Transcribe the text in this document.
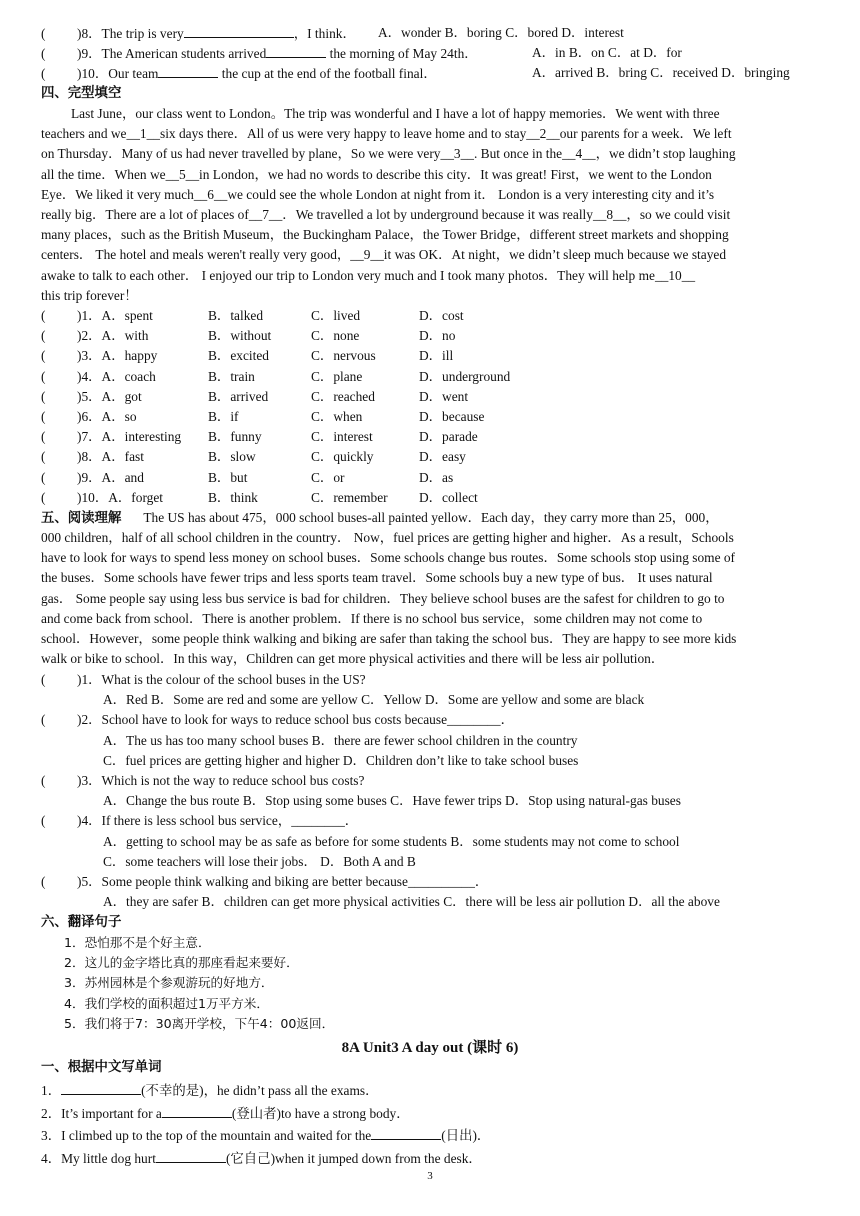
( )8．The trip is very	，I think． A．wonder B．boring C．bored D．interest
( )9．The American students arrived	the morning of May 24th．	A．in B．on C．at D．for
( )10．Our team	the cup at the end of the football final．	A．arrived B．bring C．received D．bringing
四、完型填空
Last June，our class went to London。The trip was wonderful and I have a lot of happy memories．We went with three
teachers and we__1__six days there．All of us were very happy to leave home and to stay__2__our parents for a week．We left
on Thursday．Many of us had never travelled by plane，So we were very__3__. But once in the__4__，we didn’t stop laughing
all the time．When we__5__in London，we had no words to describe this city．It was great! First，we went to the London
Eye．We liked it very much__6__we could see the whole London at night from it． London is a very interesting city and it’s
really big．There are a lot of places of__7__．We travelled a lot by underground because it was really__8__，so we could visit
many places，such as the British Museum，the Buckingham Palace，the Tower Bridge，different street markets and shopping
centers． The hotel and meals weren't really very good，__9__it was OK．At night，we didn’t sleep much because we stayed
awake to talk to each other． I enjoyed our trip to London very much and I took many photos．They will help me__10__
this trip forever！
( )1．A．spent	B．talked	C．lived	D．cost
( )2．A．with	B．without	C．none	D．no
( )3．A．happy	B．excited	C．nervous	D．ill
( )4．A．coach	B．train	C．plane	D．underground
( )5．A．got	B．arrived	C．reached	D．went
( )6．A．so	B．if	C．when	D．because
( )7．A．interesting B．funny	C．interest	D．parade
( )8．A．fast	B．slow	C．quickly	D．easy
( )9．A．and	B．but	C．or	D．as
( )10．A．forget	B．think	C．remember D．collect
五、阅读理解 The US has about 475，000 school buses-all painted yellow．Each day，they carry more than 25，000，
000 children，half of all school children in the country． Now，fuel prices are getting higher and higher．As a result，Schools
have to look for ways to spend less money on school buses．Some schools change bus routes．Some schools stop using some of
the buses．Some schools have fewer trips and less sports team travel．Some schools buy a new type of bus． It uses natural
gas． Some people say using less bus service is bad for children．They believe school buses are the safest for children to go to
and come back from school．There is another problem．If there is no school bus service，some children may not come to
school．However，some people think walking and biking are safer than taking the school bus．They are happy to see more kids
walk or bike to school．In this way，Children can get more physical activities and there will be less air pollution．
( )1．What is the colour of the school buses in the US?
A．Red B．Some are red and some are yellow C．Yellow D．Some are yellow and some are black
( )2．School have to look for ways to reduce school bus costs because________．
A．The us has too many school buses B．there are fewer school children in the country
C．fuel prices are getting higher and higher D．Children don’t like to take school buses
( )3．Which is not the way to reduce school bus costs?
A．Change the bus route B．Stop using some buses C．Have fewer trips D．Stop using natural-gas buses
( )4．If there is less school bus service，________．
A．getting to school may be as safe as before for some students B．some students may not come to school
C．some teachers will lose their jobs． D．Both A and B
( )5．Some people think walking and biking are better because__________．
A．they are safer B．children can get more physical activities C．there will be less air pollution D．all the above
六、翻译句子
1．恐怕那不是个好主意．
2．这儿的金字塔比真的那座看起来要好．
3．苏州园林是个参观游玩的好地方．
4．我们学校的面积超过1万平方米．
5．我们将于7：30离开学校，下午4：00返回．
8A Unit3 A day out (课时 6)
一、根据中文写单词
1．	(不幸的是)，he didn’t pass all the exams．
2．It’s important for a	(登山者)to have a strong body．
3．I climbed up to the top of the mountain and waited for the	(日出)．
4．My little dog hurt	(它自己)when it jumped down from the desk．
3
